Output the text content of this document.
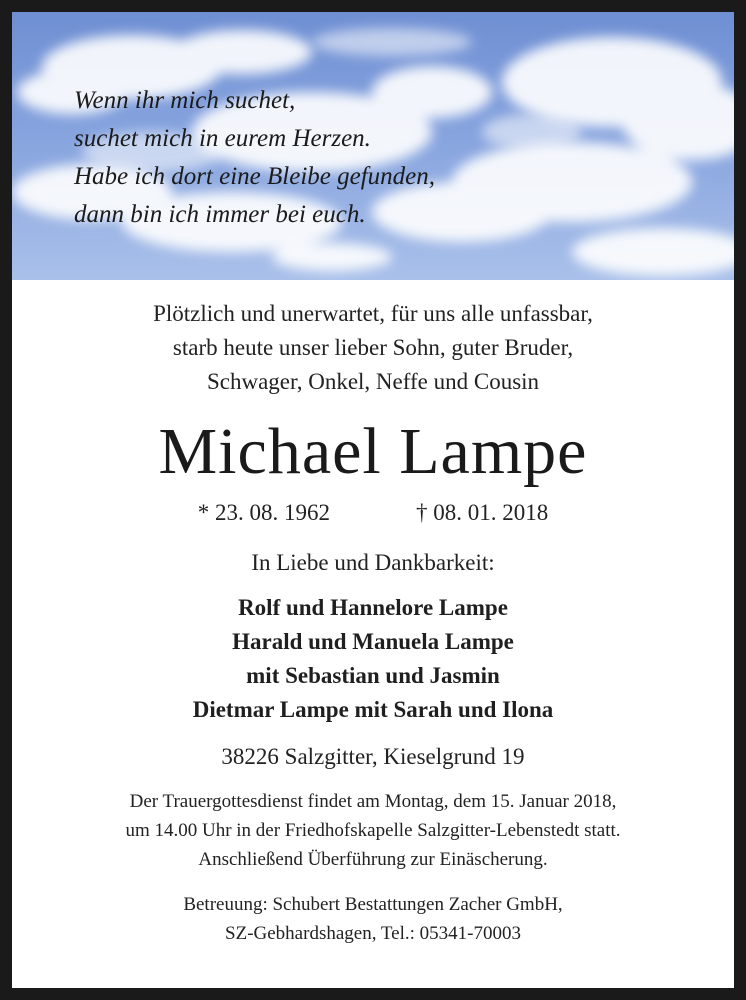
Wenn ihr mich suchet,
suchet mich in eurem Herzen.
Habe ich dort eine Bleibe gefunden,
dann bin ich immer bei euch.
Plötzlich und unerwartet, für uns alle unfassbar,
starb heute unser lieber Sohn, guter Bruder,
Schwager, Onkel, Neffe und Cousin
Michael Lampe
* 23. 08. 1962	† 08. 01. 2018
In Liebe und Dankbarkeit:
Rolf und Hannelore Lampe
Harald und Manuela Lampe
mit Sebastian und Jasmin
Dietmar Lampe mit Sarah und Ilona
38226 Salzgitter, Kieselgrund 19
Der Trauergottesdienst findet am Montag, dem 15. Januar 2018,
um 14.00 Uhr in der Friedhofskapelle Salzgitter-Lebenstedt statt.
Anschließend Überführung zur Einäscherung.
Betreuung: Schubert Bestattungen Zacher GmbH,
SZ-Gebhardshagen, Tel.: 05341-70003
